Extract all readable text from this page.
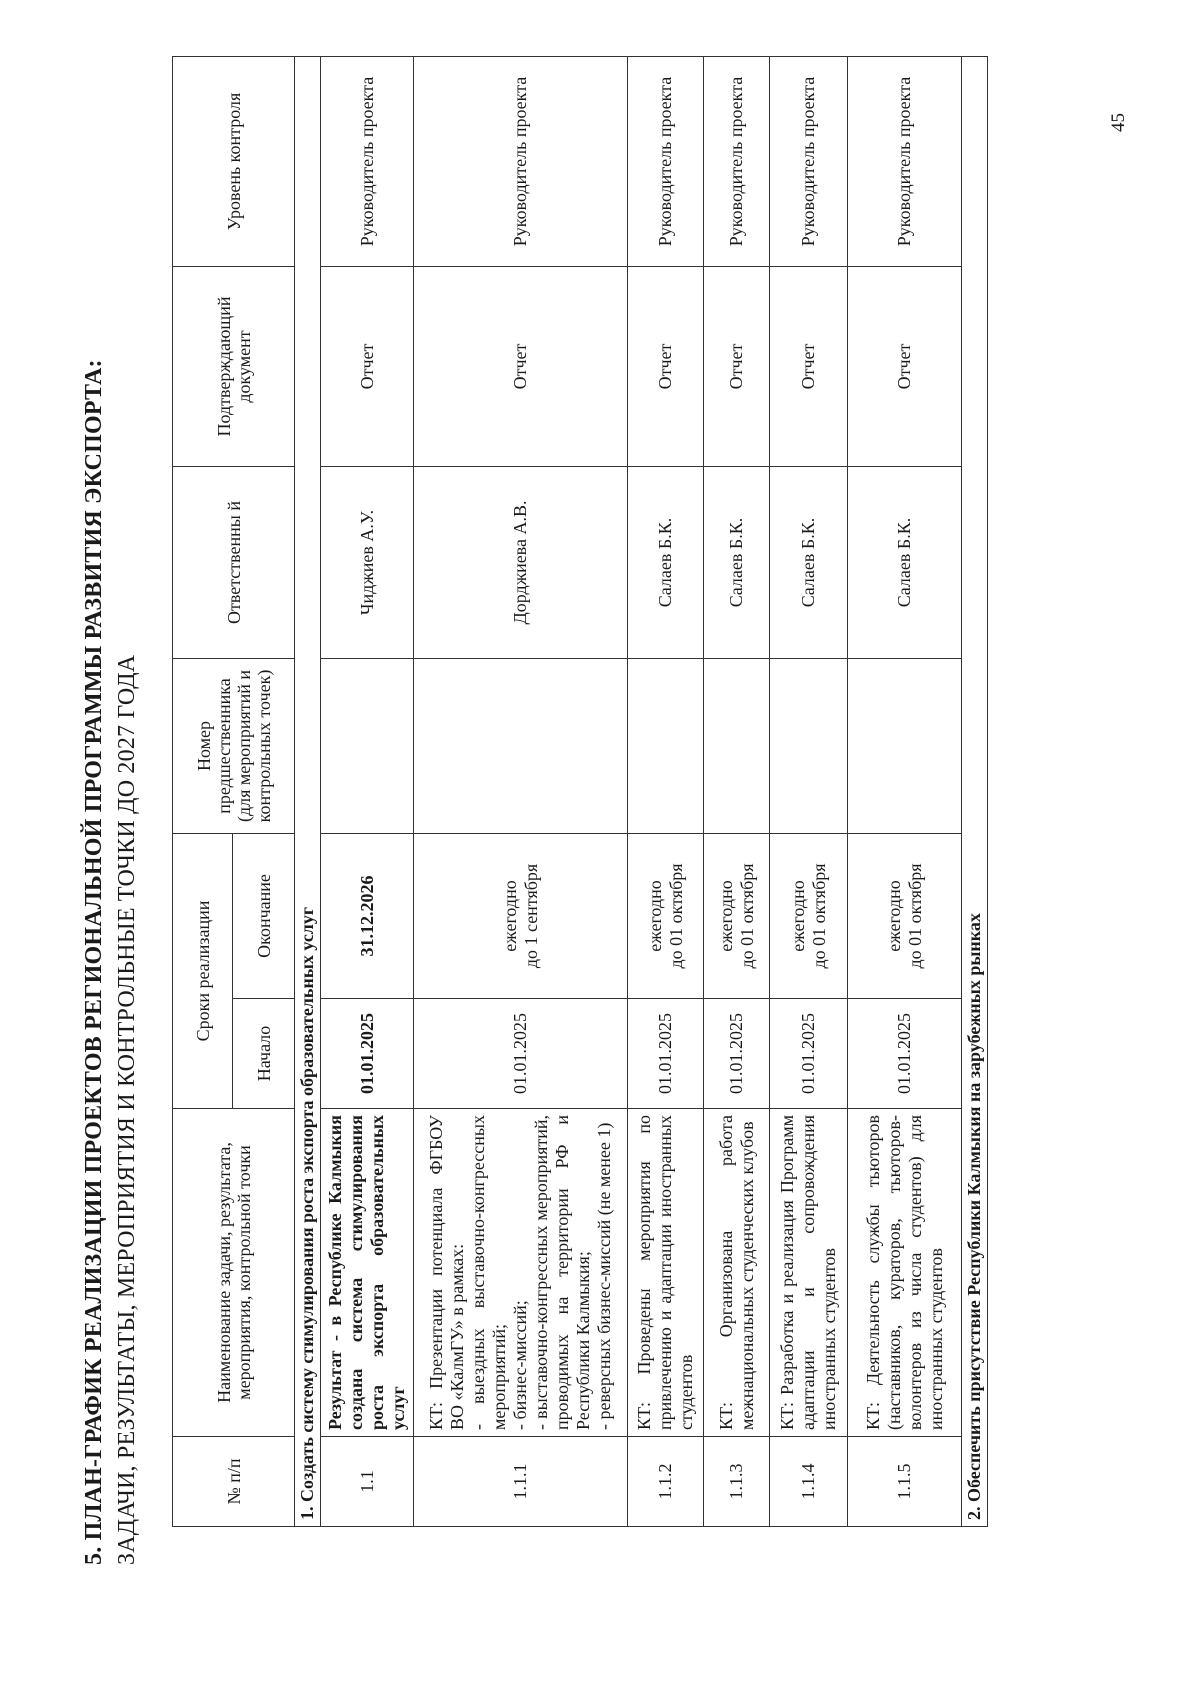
5. ПЛАН-ГРАФИК РЕАЛИЗАЦИИ ПРОЕКТОВ РЕГИОНАЛЬНОЙ ПРОГРАММЫ РАЗВИТИЯ ЭКСПОРТА: ЗАДАЧИ, РЕЗУЛЬТАТЫ, МЕРОПРИЯТИЯ И КОНТРОЛЬНЫЕ ТОЧКИ ДО 2027 ГОДА	№ п/п	Наименование задачи, результата, мероприятия, контрольной точки	Сроки реализации		Номер предшественника (для мероприятий и контрольных точек)	Ответственны й	Подтверждающий документ	Уровень контроля
		Начало	Окончание				
1. Создать систему стимулирования роста экспорта образовательных услуг							
1.1	Результат - в Республике Калмыкия создана система стимулирования роста экспорта образовательных услуг	01.01.2025	31.12.2026		Чиджиев А.У.	Отчет	Руководитель проекта
1.1.1	КТ: Презентации потенциала ФГБОУ ВО «КалмГУ» в рамках: - выездных выставочно-конгрессных мероприятий; - бизнес-миссий; - выставочно-конгрессных мероприятий, проводимых на территории РФ и Республики Калмыкия; - реверсных бизнес-миссий (не менее 1)	01.01.2025	ежегодно до 1 сентября		Дорджиева А.В.	Отчет	Руководитель проекта
1.1.2	КТ: Проведены мероприятия по привлечению и адаптации иностранных студентов	01.01.2025	ежегодно до 01 октября		Салаев Б.К.	Отчет	Руководитель проекта
1.1.3	КТ: Организована работа межнациональных студенческих клубов	01.01.2025	ежегодно до 01 октября		Салаев Б.К.	Отчет	Руководитель проекта
1.1.4	КТ: Разработка и реализация Программ адаптации и сопровождения иностранных студентов	01.01.2025	ежегодно до 01 октября		Салаев Б.К.	Отчет	Руководитель проекта
1.1.5	КТ: Деятельность службы тьюторов (наставников, кураторов, тьюторов-волонтеров из числа студентов) для иностранных студентов	01.01.2025	ежегодно до 01 октября		Салаев Б.К.	Отчет	Руководитель проекта
2. Обеспечить присутствие Республики Калмыкия на зарубежных рынках							
45
